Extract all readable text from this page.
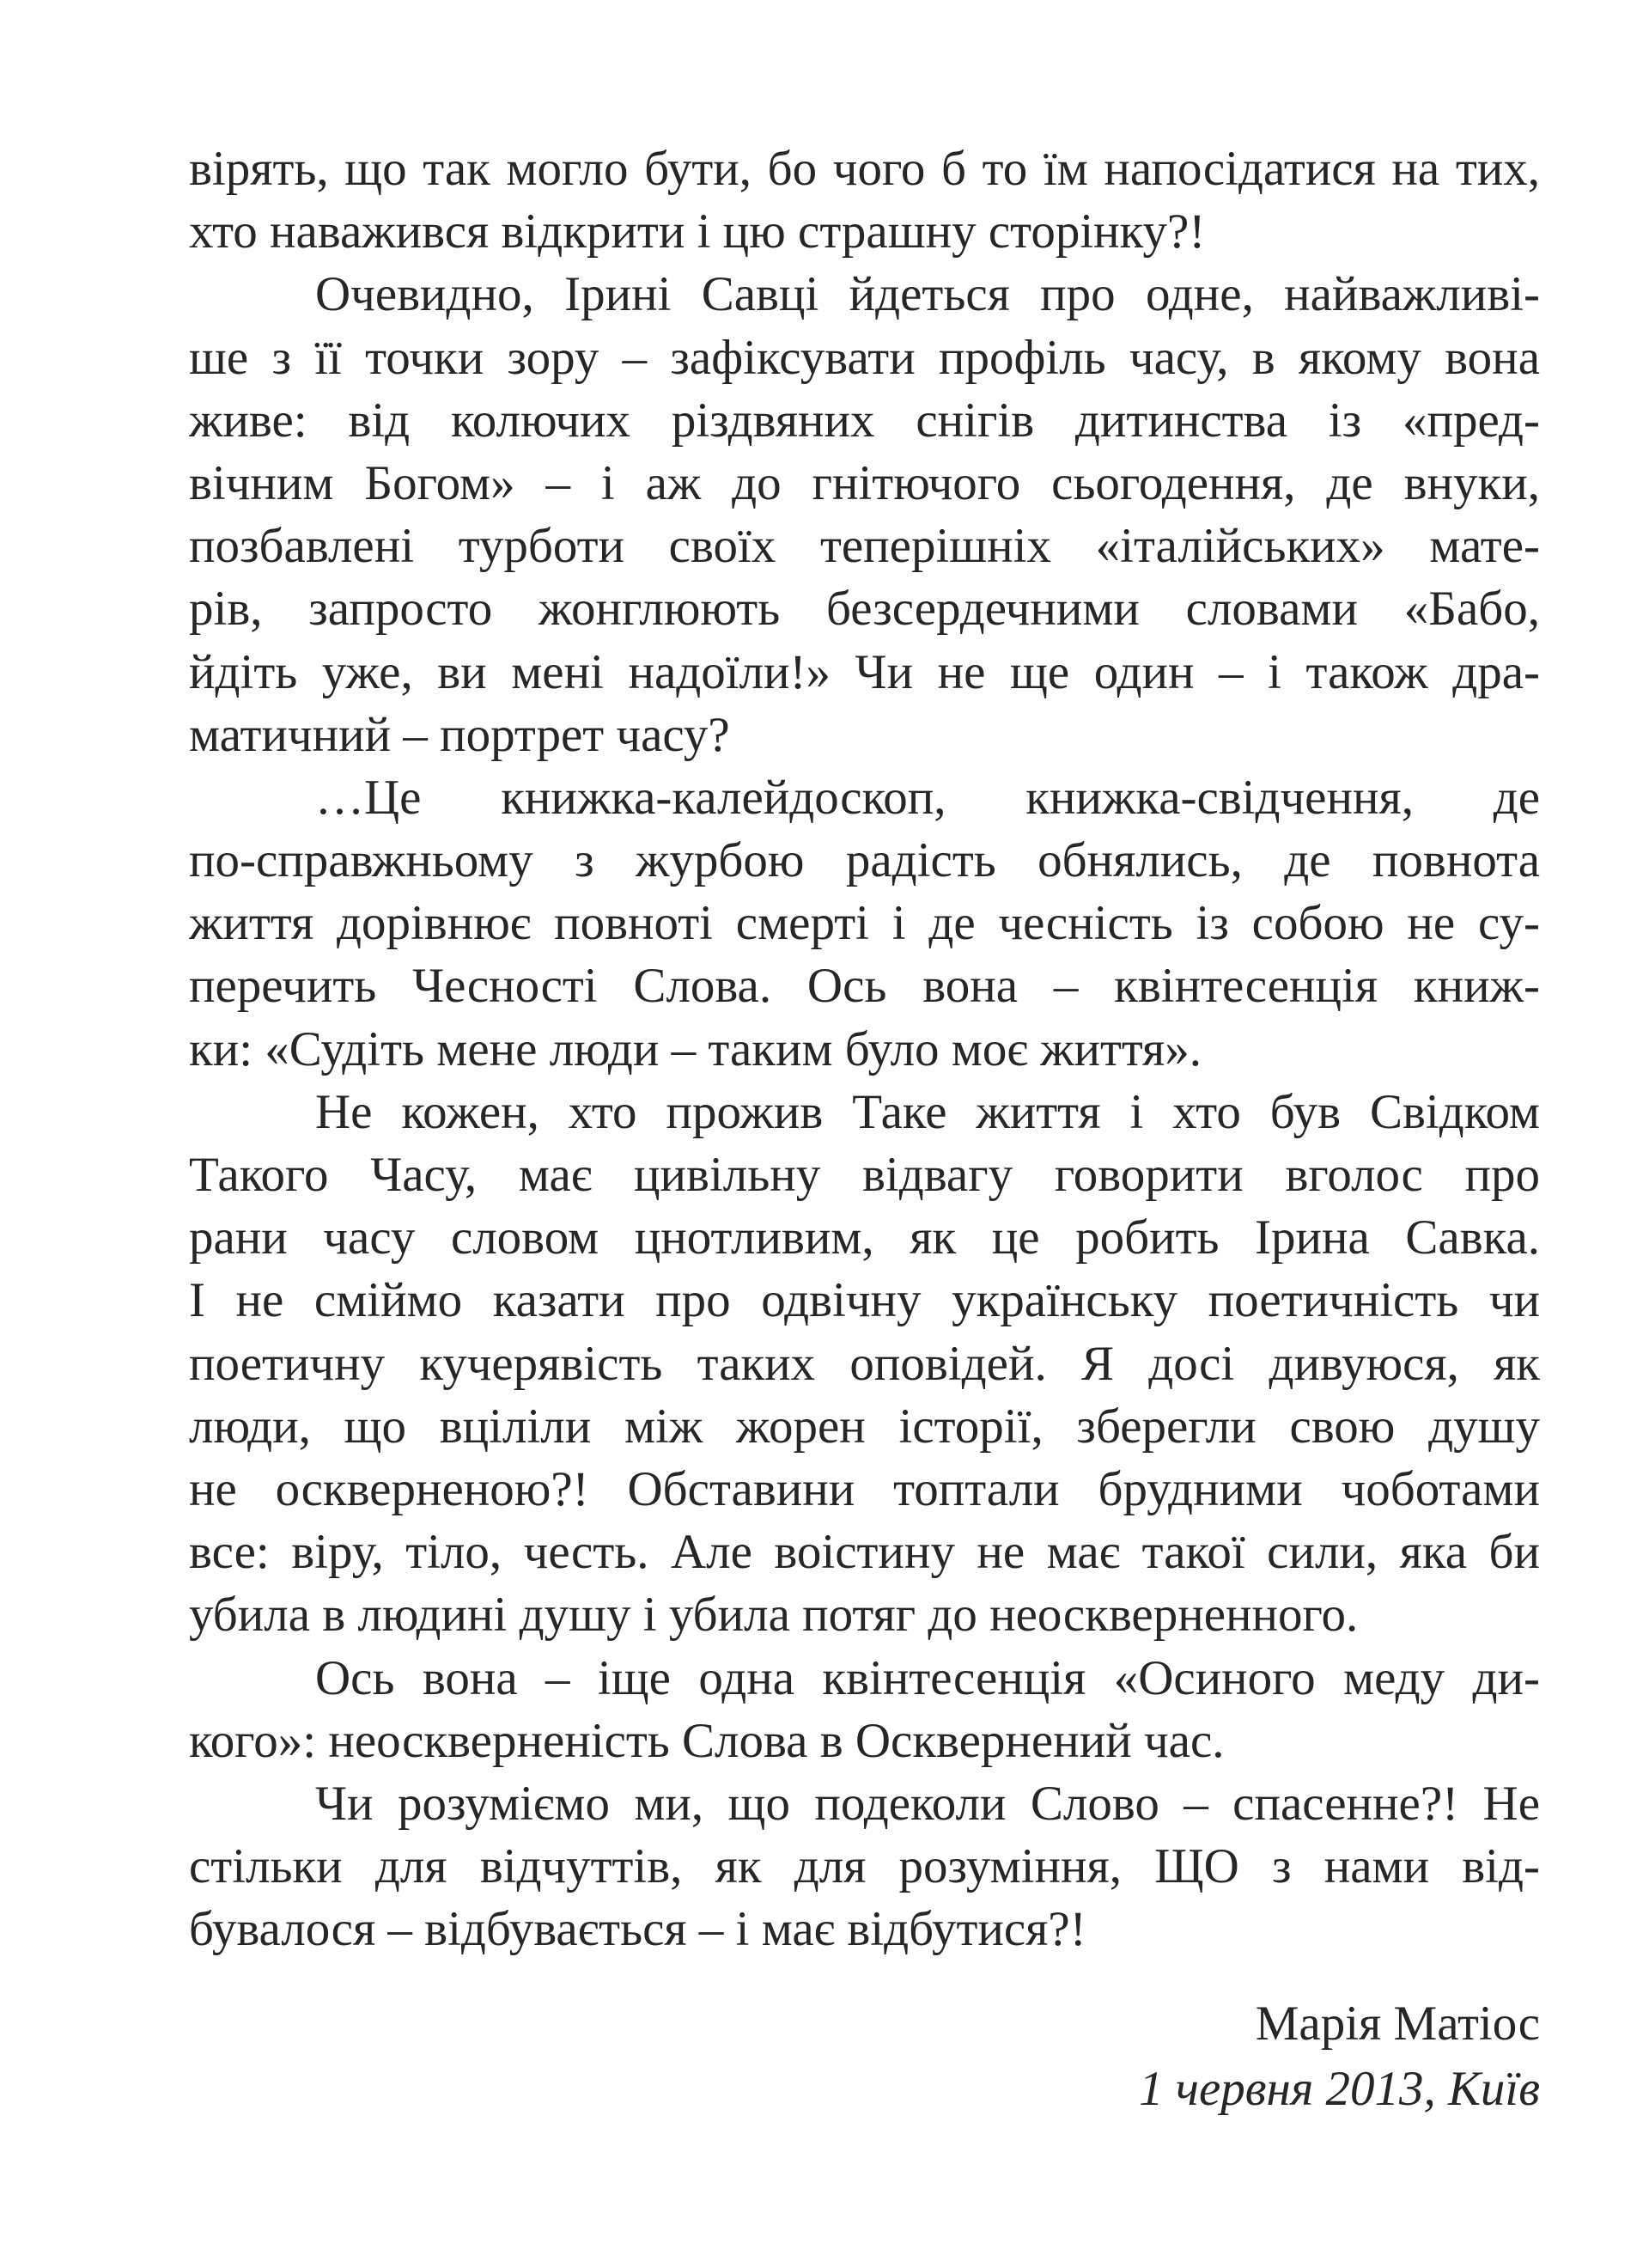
вірять, що так могло бути, бо чого б то їм напосідатися на тих,
хто наважився відкрити і цю страшну сторінку?!
Очевидно, Ірині Савці йдеться про одне, найважливі-
ше з її точки зору – зафіксувати профіль часу, в якому вона
живе: від колючих різдвяних снігів дитинства із «пред-
вічним Богом» – і аж до гнітючого сьогодення, де внуки,
позбавлені турботи своїх теперішніх «італійських» мате-
рів, запросто жонглюють безсердечними словами «Бабо,
йдіть уже, ви мені надоїли!» Чи не ще один – і також дра-
матичний – портрет часу?
…Це книжка-калейдоскоп, книжка-свідчення, де
по-справжньому з журбою радість обнялись, де повнота
життя дорівнює повноті смерті і де чесність із собою не су-
перечить Чесності Слова. Ось вона – квінтесенція книж-
ки: «Судіть мене люди – таким було моє життя».
Не кожен, хто прожив Таке життя і хто був Свідком
Такого Часу, має цивільну відвагу говорити вголос про
рани часу словом цнотливим, як це робить Ірина Савка.
І не сміймо казати про одвічну українську поетичність чи
поетичну кучерявість таких оповідей. Я досі дивуюся, як
люди, що вціліли між жорен історії, зберегли свою душу
не оскверненою?! Обставини топтали брудними чоботами
все: віру, тіло, честь. Але воістину не має такої сили, яка би
убила в людині душу і убила потяг до неоскверненного.
Ось вона – іще одна квінтесенція «Осиного меду ди-
кого»: неоскверненість Слова в Осквернений час.
Чи розуміємо ми, що подеколи Слово – спасенне?! Не
стільки для відчуттів, як для розуміння, ЩО з нами від-
бувалося – відбувається – і має відбутися?!
Марія Матіос
1 червня 2013, Київ
